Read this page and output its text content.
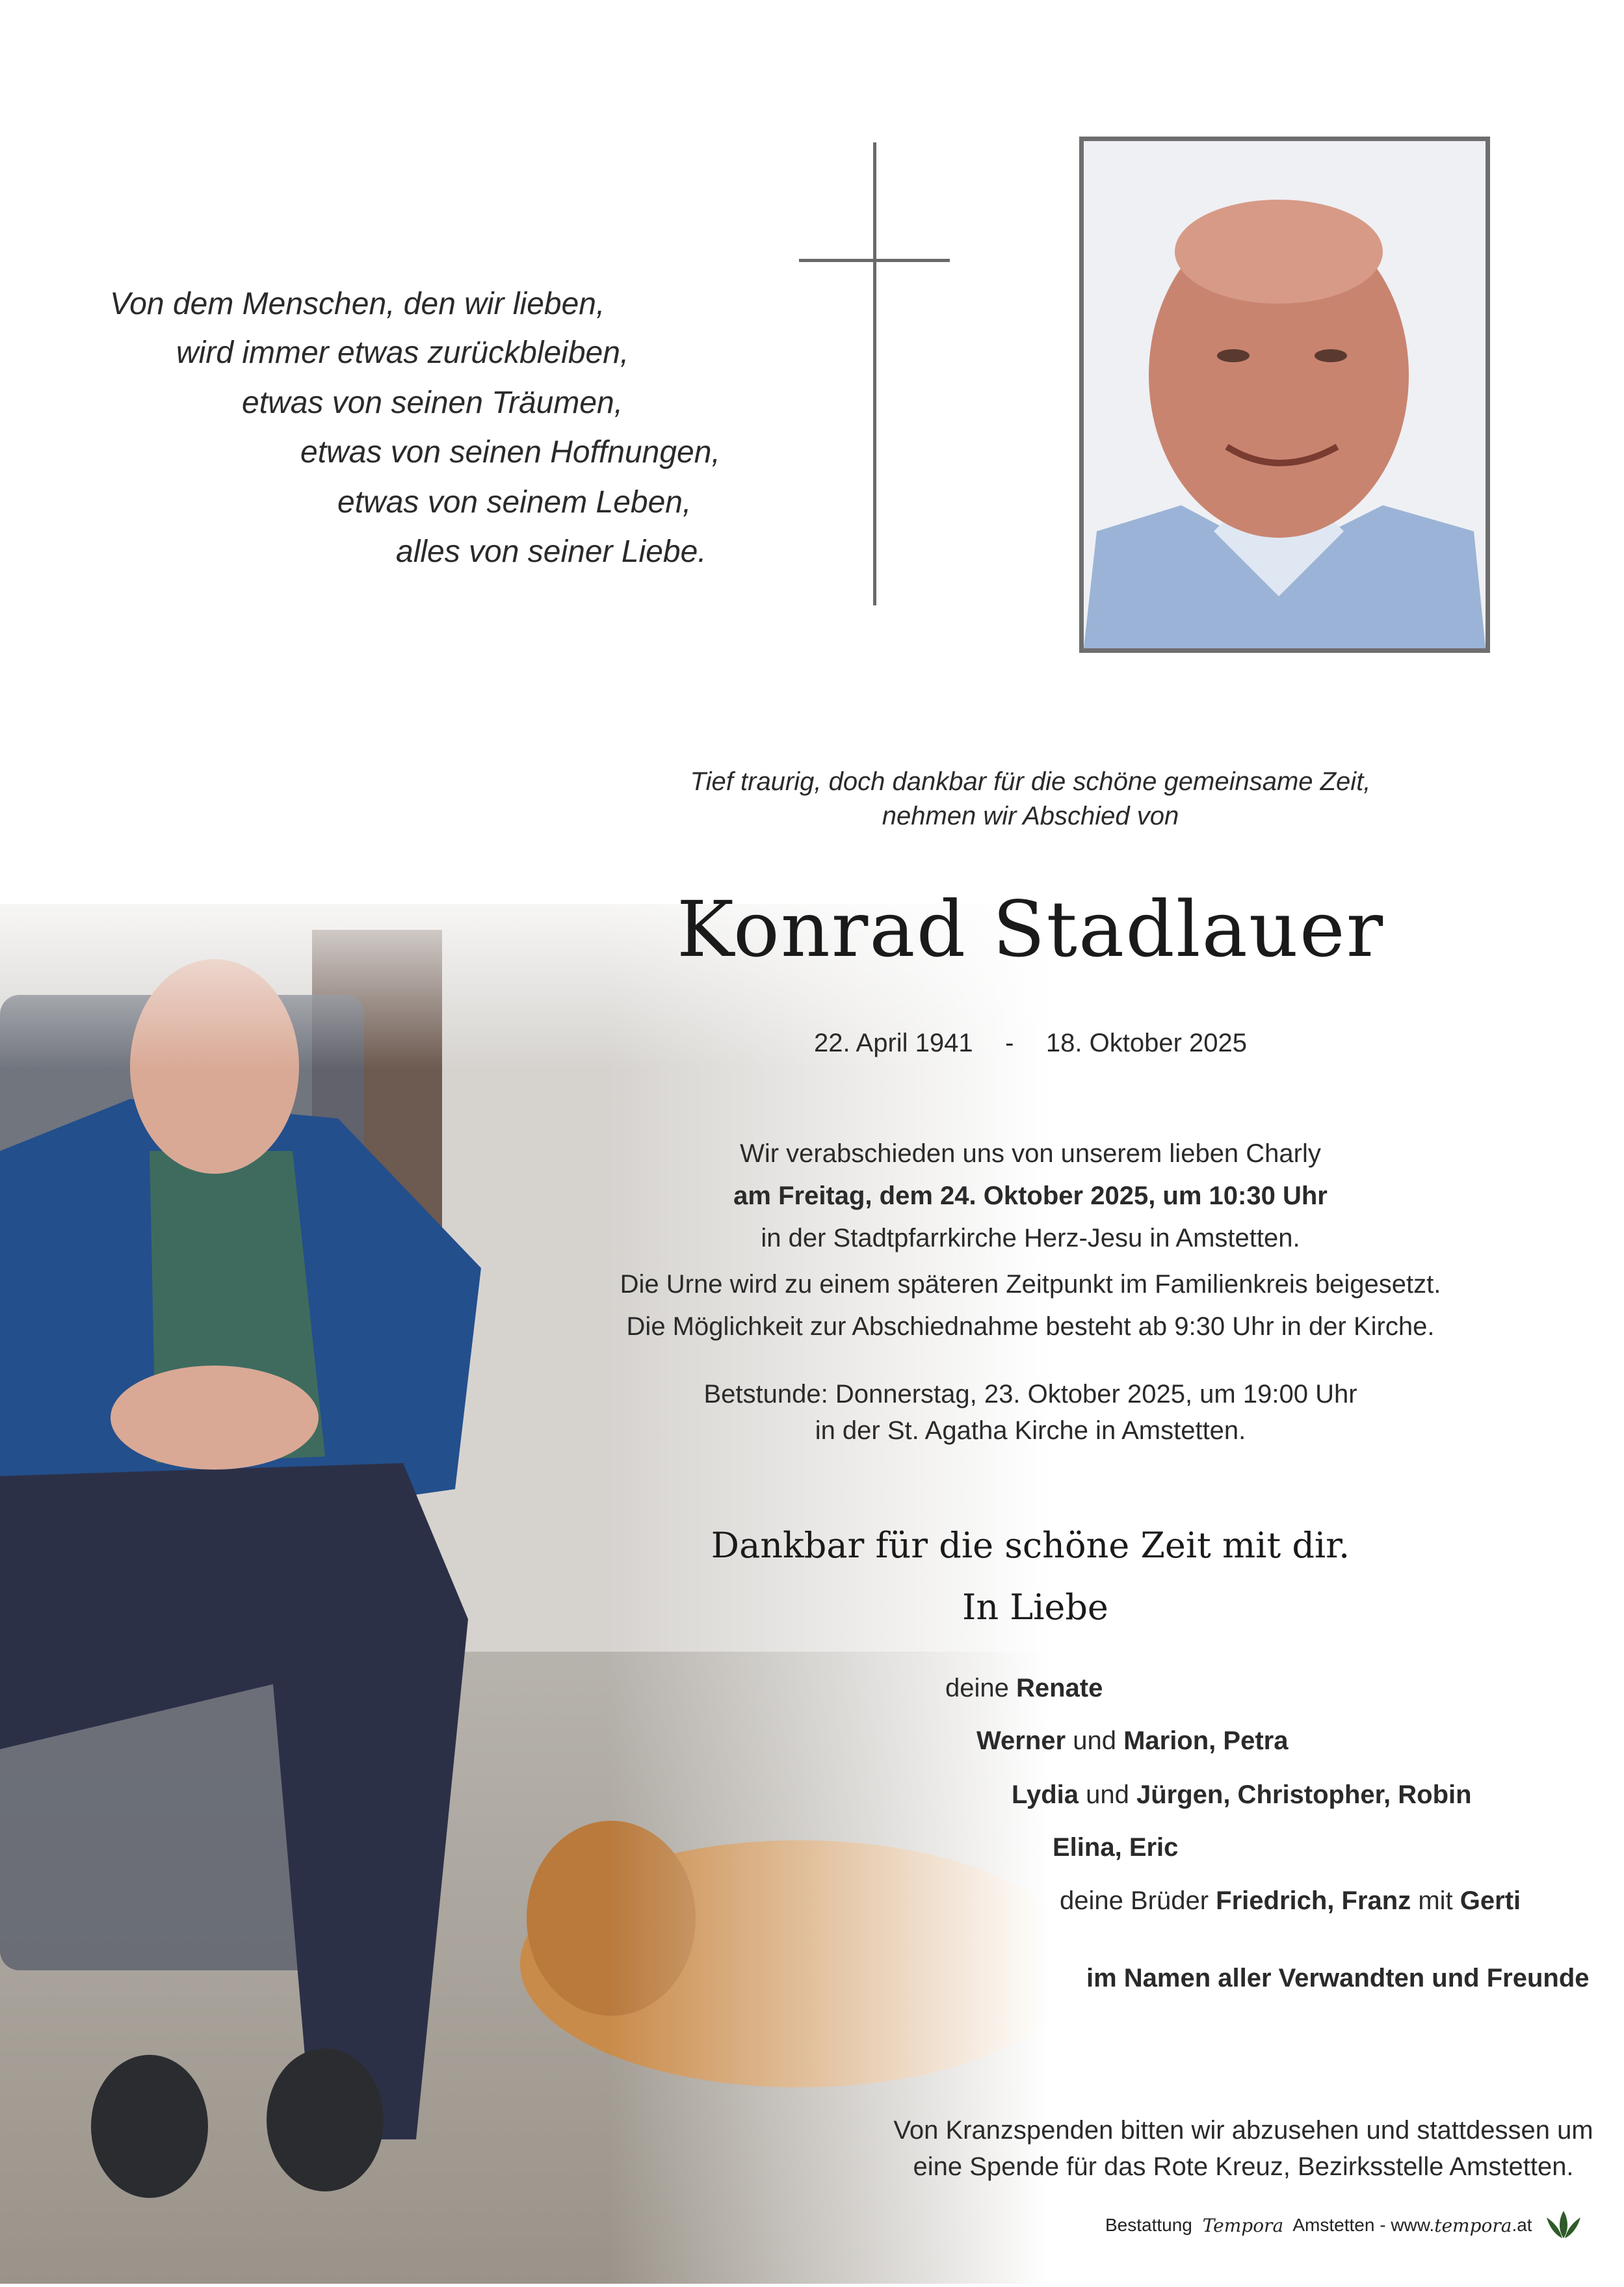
Von dem Menschen, den wir lieben,
wird immer etwas zurückbleiben,
etwas von seinen Träumen,
etwas von seinen Hoffnungen,
etwas von seinem Leben,
alles von seiner Liebe.
Tief traurig, doch dankbar für die schöne gemeinsame Zeit,
nehmen wir Abschied von
Konrad Stadlauer
22. April 1941 - 18. Oktober 2025
Wir verabschieden uns von unserem lieben Charly
am Freitag, dem 24. Oktober 2025, um 10:30 Uhr
in der Stadtpfarrkirche Herz-Jesu in Amstetten.
Die Urne wird zu einem späteren Zeitpunkt im Familienkreis beigesetzt.
Die Möglichkeit zur Abschiednahme besteht ab 9:30 Uhr in der Kirche.
Betstunde: Donnerstag, 23. Oktober 2025, um 19:00 Uhr
in der St. Agatha Kirche in Amstetten.
Dankbar für die schöne Zeit mit dir.
In Liebe
deine Renate
Werner und Marion, Petra
Lydia und Jürgen, Christopher, Robin
Elina, Eric
deine Brüder Friedrich, Franz mit Gerti
im Namen aller Verwandten und Freunde
Von Kranzspenden bitten wir abzusehen und stattdessen um
eine Spende für das Rote Kreuz, Bezirksstelle Amstetten.
Bestattung Tempora Amstetten - www. tempora .at
